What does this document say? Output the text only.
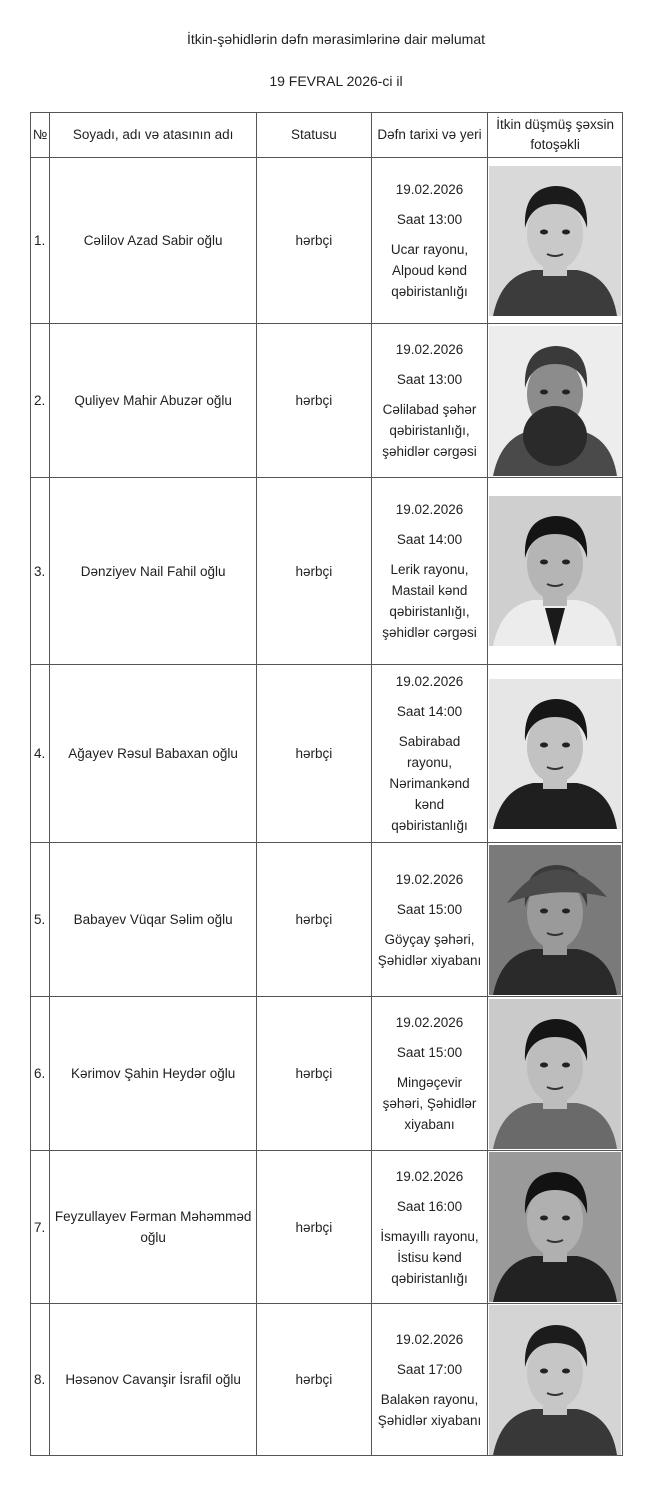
İtkin-şəhidlərin dəfn mərasimlərinə dair məlumat
19 FEVRAL 2026-ci il
№	Soyadı, adı və atasının adı	Statusu	Dəfn tarixi və yeri	İtkin düşmüş şəxsin fotoşəkli
1.	Cəlilov Azad Sabir oğlu	hərbçi	19.02.2026

Saat 13:00

Ucar rayonu, Alpoud kənd qəbiristanlığı

2.	Quliyev Mahir Abuzər oğlu	hərbçi	19.02.2026

Saat 13:00

Cəlilabad şəhər qəbiristanlığı, şəhidlər cərgəsi

3.	Dənziyev Nail Fahil oğlu	hərbçi	19.02.2026

Saat 14:00

Lerik rayonu, Mastail kənd qəbiristanlığı, şəhidlər cərgəsi

4.	Ağayev Rəsul Babaxan oğlu	hərbçi	19.02.2026

Saat 14:00

Sabirabad rayonu, Nərimankənd kənd qəbiristanlığı

5.	Babayev Vüqar Səlim oğlu	hərbçi	19.02.2026

Saat 15:00

Göyçay şəhəri, Şəhidlər xiyabanı

6.	Kərimov Şahin Heydər oğlu	hərbçi	19.02.2026

Saat 15:00

Mingəçevir şəhəri, Şəhidlər xiyabanı

7.	Feyzullayev Fərman Məhəmməd oğlu	hərbçi	19.02.2026

Saat 16:00

İsmayıllı rayonu, İstisu kənd qəbiristanlığı

8.	Həsənov Cavanşir İsrafil oğlu	hərbçi	19.02.2026

Saat 17:00

Balakən rayonu, Şəhidlər xiyabanı
